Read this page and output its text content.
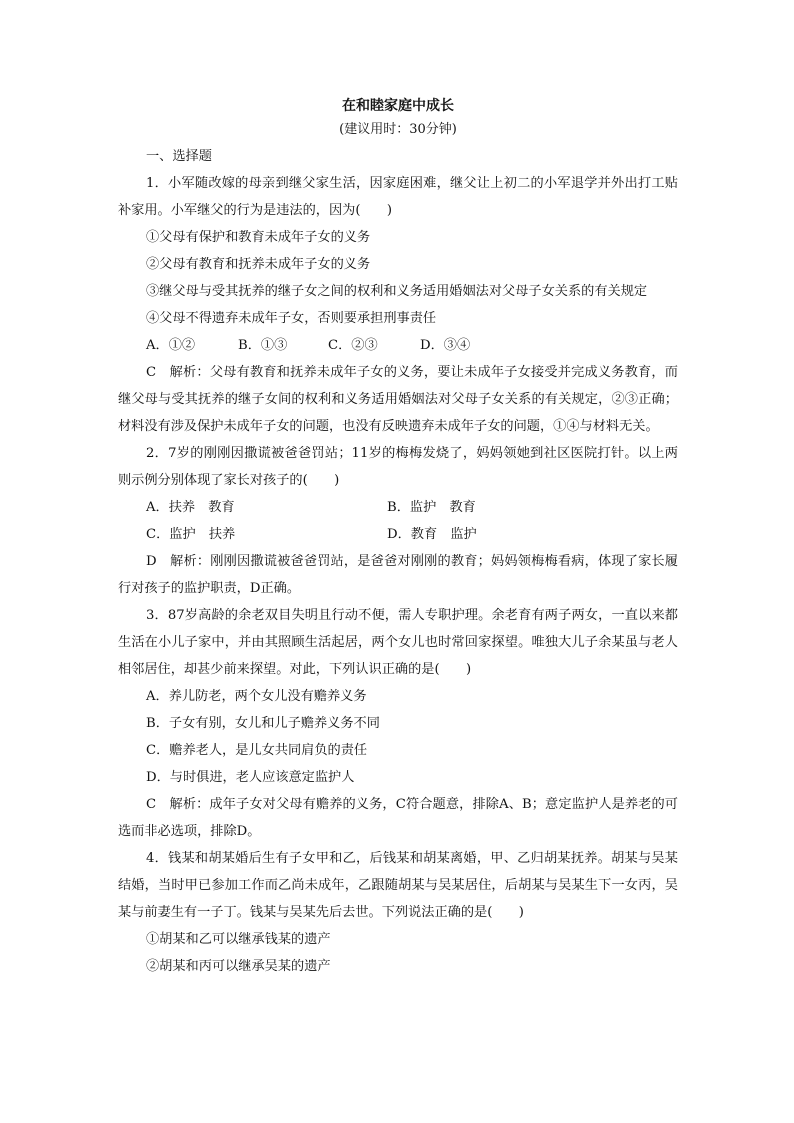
在和睦家庭中成长
(建议用时：30分钟)
一、选择题

1．小军随改嫁的母亲到继父家生活，因家庭困难，继父让上初二的小军退学并外出打工贴补家用。小军继父的行为是违法的，因为(　　)

①父母有保护和教育未成年子女的义务
②父母有教育和抚养未成年子女的义务
③继父母与受其抚养的继子女之间的权利和义务适用婚姻法对父母子女关系的有关规定
④父母不得遗弃未成年子女，否则要承担刑事责任
A．①②	B．①③	C．②③	D．③④

C　解析：父母有教育和抚养未成年子女的义务，要让未成年子女接受并完成义务教育，而继父母与受其抚养的继子女间的权利和义务适用婚姻法对父母子女关系的有关规定，②③正确；材料没有涉及保护未成年子女的问题，也没有反映遗弃未成年子女的问题，①④与材料无关。

2．7岁的刚刚因撒谎被爸爸罚站；11岁的梅梅发烧了，妈妈领她到社区医院打针。以上两则示例分别体现了家长对孩子的(　　)

A．扶养　教育	B．监护　教育
C．监护　扶养	D．教育　监护

D　解析：刚刚因撒谎被爸爸罚站，是爸爸对刚刚的教育；妈妈领梅梅看病，体现了家长履行对孩子的监护职责，D正确。

3．87岁高龄的余老双目失明且行动不便，需人专职护理。余老育有两子两女，一直以来都生活在小儿子家中，并由其照顾生活起居，两个女儿也时常回家探望。唯独大儿子余某虽与老人相邻居住，却甚少前来探望。对此，下列认识正确的是(　　)

A．养儿防老，两个女儿没有赡养义务
B．子女有别，女儿和儿子赡养义务不同
C．赡养老人，是儿女共同肩负的责任
D．与时俱进，老人应该意定监护人

C　解析：成年子女对父母有赡养的义务，C符合题意，排除A、B；意定监护人是养老的可选而非必选项，排除D。

4．钱某和胡某婚后生有子女甲和乙，后钱某和胡某离婚，甲、乙归胡某抚养。胡某与吴某结婚，当时甲已参加工作而乙尚未成年，乙跟随胡某与吴某居住，后胡某与吴某生下一女丙，吴某与前妻生有一子丁。钱某与吴某先后去世。下列说法正确的是(　　)

①胡某和乙可以继承钱某的遗产
②胡某和丙可以继承吴某的遗产
